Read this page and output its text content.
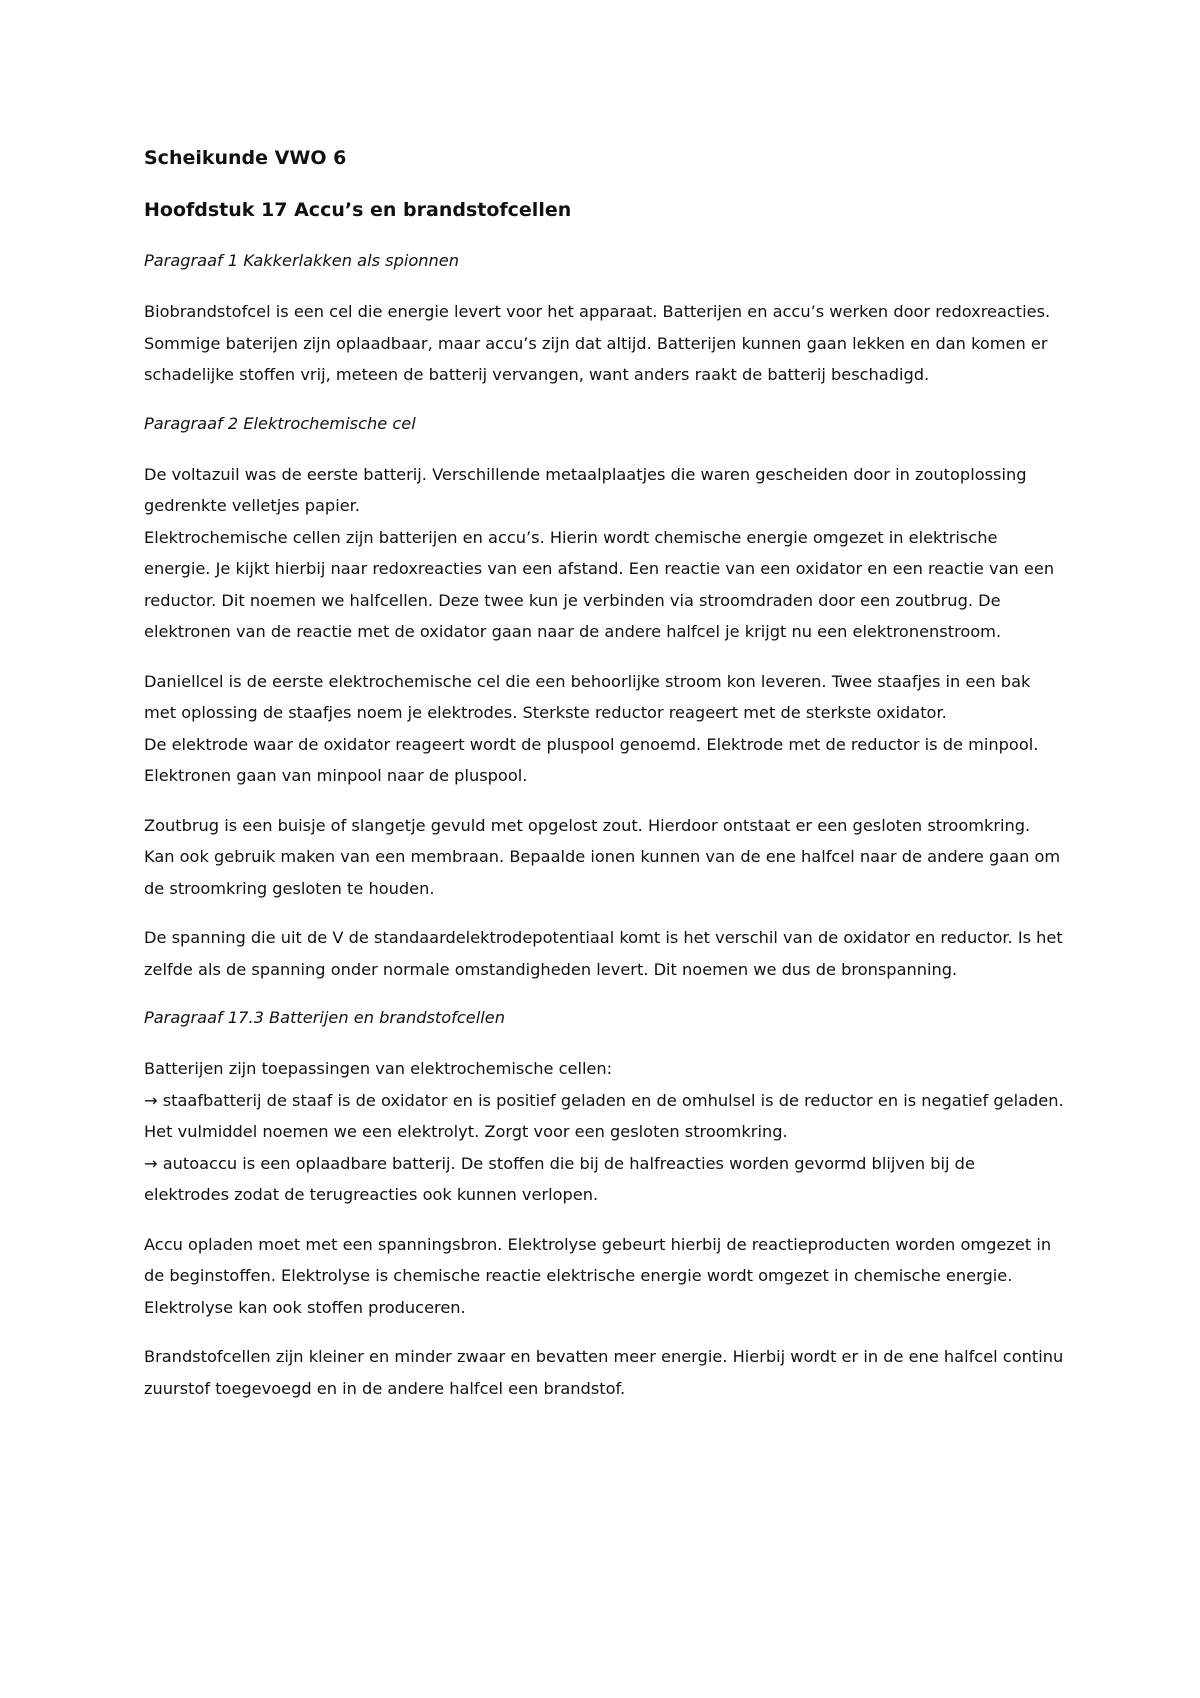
Scheikunde VWO 6
Hoofdstuk 17 Accu’s en brandstofcellen
Paragraaf 1 Kakkerlakken als spionnen

Biobrandstofcel is een cel die energie levert voor het apparaat. Batterijen en accu’s werken door redoxreacties. Sommige baterijen zijn oplaadbaar, maar accu’s zijn dat altijd. Batterijen kunnen gaan lekken en dan komen er schadelijke stoffen vrij, meteen de batterij vervangen, want anders raakt de batterij beschadigd.

Paragraaf 2 Elektrochemische cel

De voltazuil was de eerste batterij. Verschillende metaalplaatjes die waren gescheiden door in zoutoplossing gedrenkte velletjes papier.

Elektrochemische cellen zijn batterijen en accu’s. Hierin wordt chemische energie omgezet in elektrische energie. Je kijkt hierbij naar redoxreacties van een afstand. Een reactie van een oxidator en een reactie van een reductor. Dit noemen we halfcellen. Deze twee kun je verbinden via stroomdraden door een zoutbrug. De elektronen van de reactie met de oxidator gaan naar de andere halfcel je krijgt nu een elektronenstroom.

Daniellcel is de eerste elektrochemische cel die een behoorlijke stroom kon leveren. Twee staafjes in een bak met oplossing de staafjes noem je elektrodes. Sterkste reductor reageert met de sterkste oxidator.

De elektrode waar de oxidator reageert wordt de pluspool genoemd. Elektrode met de reductor is de minpool. Elektronen gaan van minpool naar de pluspool.

Zoutbrug is een buisje of slangetje gevuld met opgelost zout. Hierdoor ontstaat er een gesloten stroomkring. Kan ook gebruik maken van een membraan. Bepaalde ionen kunnen van de ene halfcel naar de andere gaan om de stroomkring gesloten te houden.

De spanning die uit de V de standaardelektrodepotentiaal komt is het verschil van de oxidator en reductor. Is het zelfde als de spanning onder normale omstandigheden levert. Dit noemen we dus de bronspanning.

Paragraaf 17.3 Batterijen en brandstofcellen

Batterijen zijn toepassingen van elektrochemische cellen:

→ staafbatterij de staaf is de oxidator en is positief geladen en de omhulsel is de reductor en is negatief geladen. Het vulmiddel noemen we een elektrolyt. Zorgt voor een gesloten stroomkring.

→ autoaccu is een oplaadbare batterij. De stoffen die bij de halfreacties worden gevormd blijven bij de elektrodes zodat de terugreacties ook kunnen verlopen.

Accu opladen moet met een spanningsbron. Elektrolyse gebeurt hierbij de reactieproducten worden omgezet in de beginstoffen. Elektrolyse is chemische reactie elektrische energie wordt omgezet in chemische energie. Elektrolyse kan ook stoffen produceren.

Brandstofcellen zijn kleiner en minder zwaar en bevatten meer energie. Hierbij wordt er in de ene halfcel continu zuurstof toegevoegd en in de andere halfcel een brandstof.
